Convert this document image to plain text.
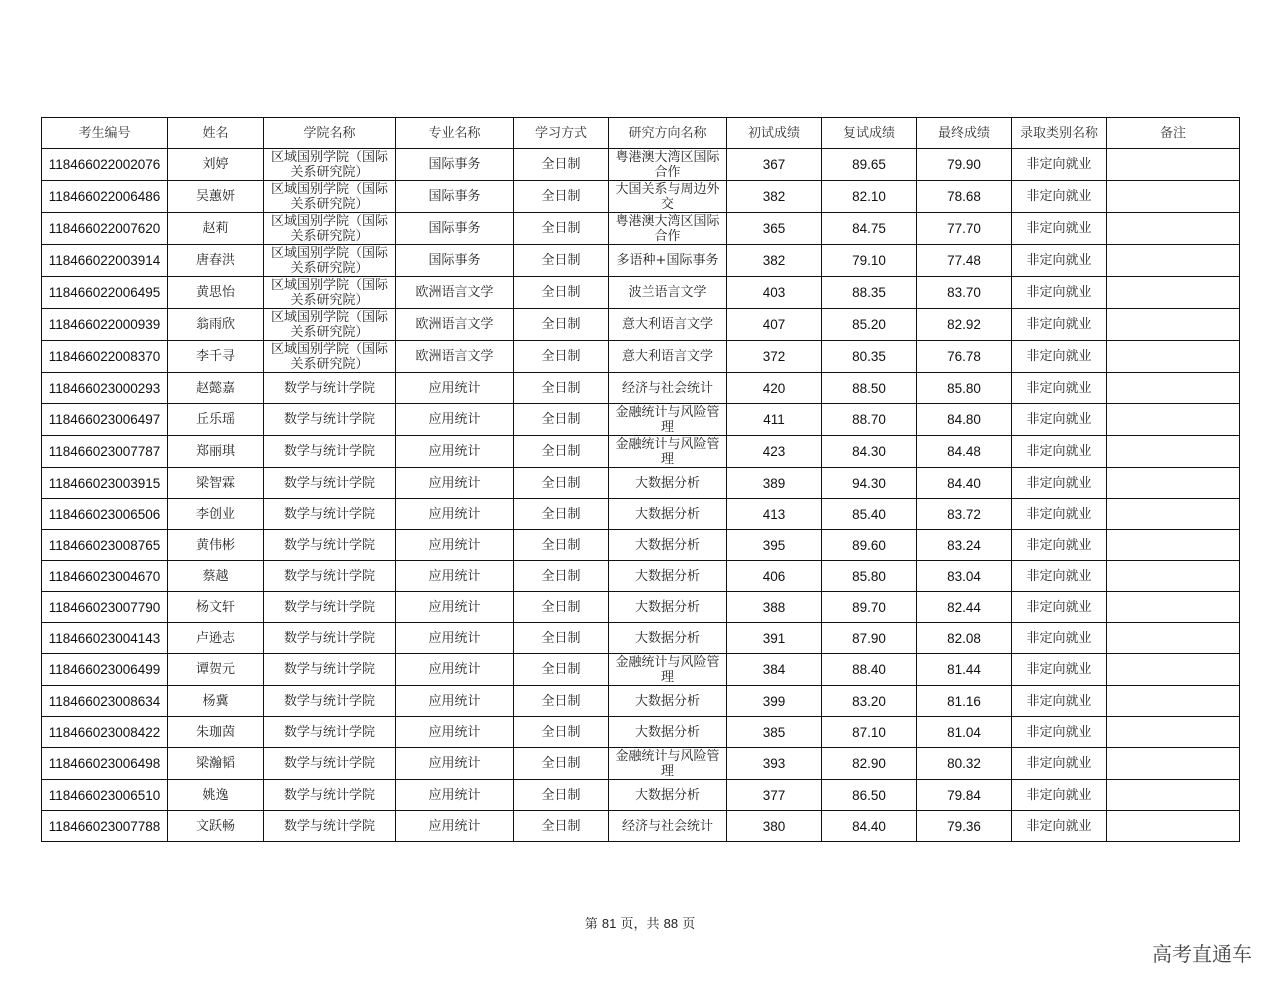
考生编号	姓名	学院名称	专业名称	学习方式	研究方向名称	初试成绩	复试成绩	最终成绩	录取类别名称	备注
118466022002076	刘婷	区域国别学院（国际关系研究院）	国际事务	全日制	粤港澳大湾区国际合作	367	89.65	79.90	非定向就业	
118466022006486	吴蕙妍	区域国别学院（国际关系研究院）	国际事务	全日制	大国关系与周边外交	382	82.10	78.68	非定向就业	
118466022007620	赵莉	区域国别学院（国际关系研究院）	国际事务	全日制	粤港澳大湾区国际合作	365	84.75	77.70	非定向就业	
118466022003914	唐春洪	区域国别学院（国际关系研究院）	国际事务	全日制	多语种+国际事务	382	79.10	77.48	非定向就业	
118466022006495	黄思怡	区域国别学院（国际关系研究院）	欧洲语言文学	全日制	波兰语言文学	403	88.35	83.70	非定向就业	
118466022000939	翁雨欣	区域国别学院（国际关系研究院）	欧洲语言文学	全日制	意大利语言文学	407	85.20	82.92	非定向就业	
118466022008370	李千寻	区域国别学院（国际关系研究院）	欧洲语言文学	全日制	意大利语言文学	372	80.35	76.78	非定向就业	
118466023000293	赵懿嘉	数学与统计学院	应用统计	全日制	经济与社会统计	420	88.50	85.80	非定向就业	
118466023006497	丘乐瑶	数学与统计学院	应用统计	全日制	金融统计与风险管理	411	88.70	84.80	非定向就业	
118466023007787	郑丽琪	数学与统计学院	应用统计	全日制	金融统计与风险管理	423	84.30	84.48	非定向就业	
118466023003915	梁智霖	数学与统计学院	应用统计	全日制	大数据分析	389	94.30	84.40	非定向就业	
118466023006506	李创业	数学与统计学院	应用统计	全日制	大数据分析	413	85.40	83.72	非定向就业	
118466023008765	黄伟彬	数学与统计学院	应用统计	全日制	大数据分析	395	89.60	83.24	非定向就业	
118466023004670	蔡越	数学与统计学院	应用统计	全日制	大数据分析	406	85.80	83.04	非定向就业	
118466023007790	杨文轩	数学与统计学院	应用统计	全日制	大数据分析	388	89.70	82.44	非定向就业	
118466023004143	卢逊志	数学与统计学院	应用统计	全日制	大数据分析	391	87.90	82.08	非定向就业	
118466023006499	谭贺元	数学与统计学院	应用统计	全日制	金融统计与风险管理	384	88.40	81.44	非定向就业	
118466023008634	杨冀	数学与统计学院	应用统计	全日制	大数据分析	399	83.20	81.16	非定向就业	
118466023008422	朱珈茵	数学与统计学院	应用统计	全日制	大数据分析	385	87.10	81.04	非定向就业	
118466023006498	梁瀚韬	数学与统计学院	应用统计	全日制	金融统计与风险管理	393	82.90	80.32	非定向就业	
118466023006510	姚逸	数学与统计学院	应用统计	全日制	大数据分析	377	86.50	79.84	非定向就业	
118466023007788	文跃畅	数学与统计学院	应用统计	全日制	经济与社会统计	380	84.40	79.36	非定向就业	
第 81 页，共 88 页
高考直通车
